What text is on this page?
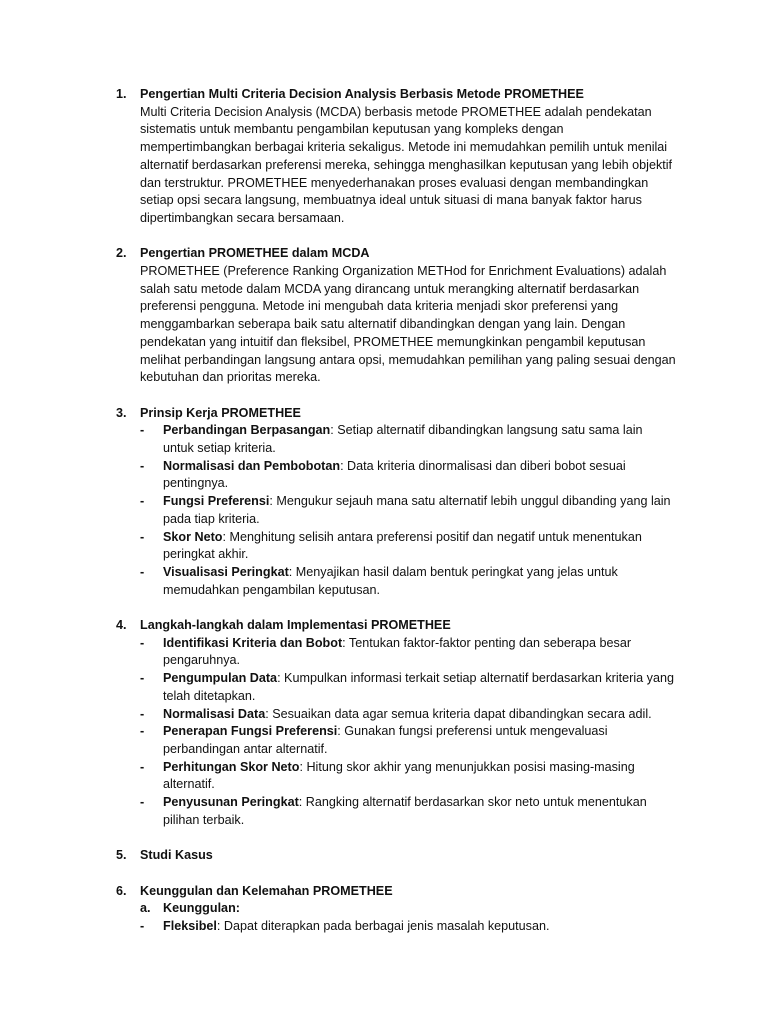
1. Pengertian Multi Criteria Decision Analysis Berbasis Metode PROMETHEE

Multi Criteria Decision Analysis (MCDA) berbasis metode PROMETHEE adalah pendekatan sistematis untuk membantu pengambilan keputusan yang kompleks dengan mempertimbangkan berbagai kriteria sekaligus. Metode ini memudahkan pemilih untuk menilai alternatif berdasarkan preferensi mereka, sehingga menghasilkan keputusan yang lebih objektif dan terstruktur. PROMETHEE menyederhanakan proses evaluasi dengan membandingkan setiap opsi secara langsung, membuatnya ideal untuk situasi di mana banyak faktor harus dipertimbangkan secara bersamaan.

2. Pengertian PROMETHEE dalam MCDA

PROMETHEE (Preference Ranking Organization METHod for Enrichment Evaluations) adalah salah satu metode dalam MCDA yang dirancang untuk merangking alternatif berdasarkan preferensi pengguna. Metode ini mengubah data kriteria menjadi skor preferensi yang menggambarkan seberapa baik satu alternatif dibandingkan dengan yang lain. Dengan pendekatan yang intuitif dan fleksibel, PROMETHEE memungkinkan pengambil keputusan melihat perbandingan langsung antara opsi, memudahkan pemilihan yang paling sesuai dengan kebutuhan dan prioritas mereka.

3. Prinsip Kerja PROMETHEE
- Perbandingan Berpasangan: Setiap alternatif dibandingkan langsung satu sama lain untuk setiap kriteria.
- Normalisasi dan Pembobotan: Data kriteria dinormalisasi dan diberi bobot sesuai pentingnya.
- Fungsi Preferensi: Mengukur sejauh mana satu alternatif lebih unggul dibanding yang lain pada tiap kriteria.
- Skor Neto: Menghitung selisih antara preferensi positif dan negatif untuk menentukan peringkat akhir.
- Visualisasi Peringkat: Menyajikan hasil dalam bentuk peringkat yang jelas untuk memudahkan pengambilan keputusan.
4. Langkah-langkah dalam Implementasi PROMETHEE
- Identifikasi Kriteria dan Bobot: Tentukan faktor-faktor penting dan seberapa besar pengaruhnya.
- Pengumpulan Data: Kumpulkan informasi terkait setiap alternatif berdasarkan kriteria yang telah ditetapkan.
- Normalisasi Data: Sesuaikan data agar semua kriteria dapat dibandingkan secara adil.
- Penerapan Fungsi Preferensi: Gunakan fungsi preferensi untuk mengevaluasi perbandingan antar alternatif.
- Perhitungan Skor Neto: Hitung skor akhir yang menunjukkan posisi masing-masing alternatif.
- Penyusunan Peringkat: Rangking alternatif berdasarkan skor neto untuk menentukan pilihan terbaik.
5. Studi Kasus
6. Keunggulan dan Kelemahan PROMETHEE
a. Keunggulan:
- Fleksibel: Dapat diterapkan pada berbagai jenis masalah keputusan.
